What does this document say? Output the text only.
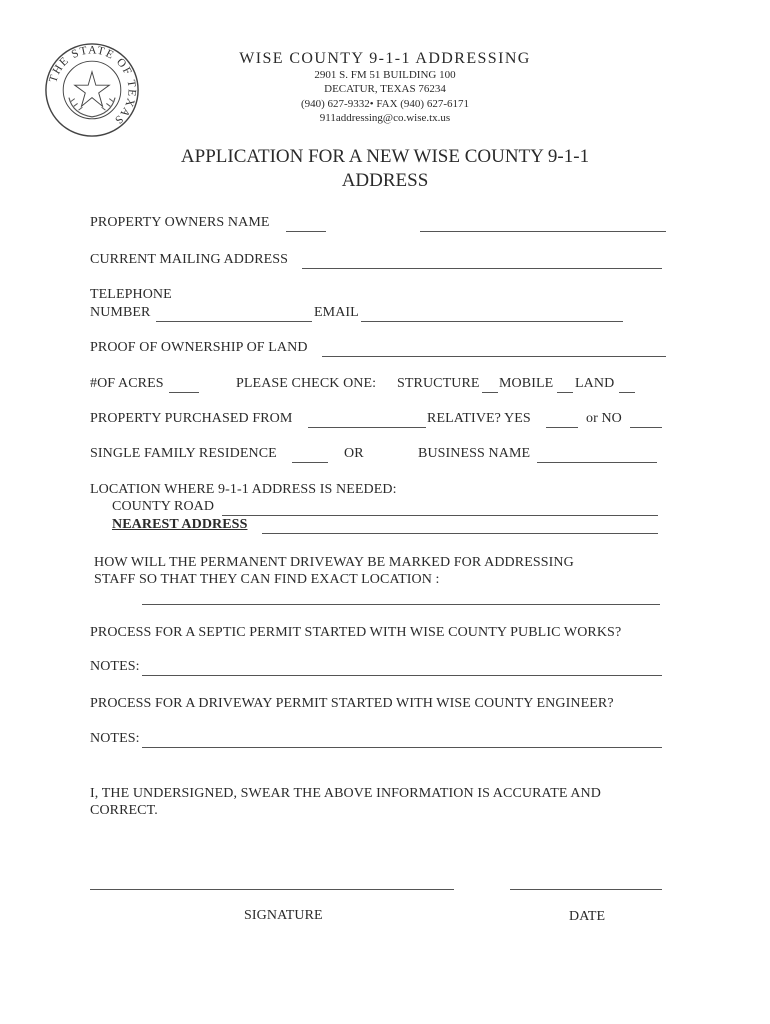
THE STATE OF TEXAS
WISE COUNTY 9-1-1 ADDRESSING
2901 S. FM 51 BUILDING 100
DECATUR, TEXAS 76234
(940) 627-9332• FAX (940) 627-6171
911addressing@co.wise.tx.us
APPLICATION FOR A NEW WISE COUNTY 9-1-1
ADDRESS
PROPERTY OWNERS NAME
CURRENT MAILING ADDRESS
TELEPHONE
NUMBER	EMAIL
PROOF OF OWNERSHIP OF LAND
#OF ACRES	PLEASE CHECK ONE: STRUCTURE MOBILE LAND
PROPERTY PURCHASED FROM	RELATIVE? YES	or NO
SINGLE FAMILY RESIDENCE	OR	BUSINESS NAME
LOCATION WHERE 9-1-1 ADDRESS IS NEEDED:
COUNTY ROAD
NEAREST ADDRESS
HOW WILL THE PERMANENT DRIVEWAY BE MARKED FOR ADDRESSING
STAFF SO THAT THEY CAN FIND EXACT LOCATION :
PROCESS FOR A SEPTIC PERMIT STARTED WITH WISE COUNTY PUBLIC WORKS?
NOTES:
PROCESS FOR A DRIVEWAY PERMIT STARTED WITH WISE COUNTY ENGINEER?
NOTES:
I, THE UNDERSIGNED, SWEAR THE ABOVE INFORMATION IS ACCURATE AND
CORRECT.
SIGNATURE	DATE
